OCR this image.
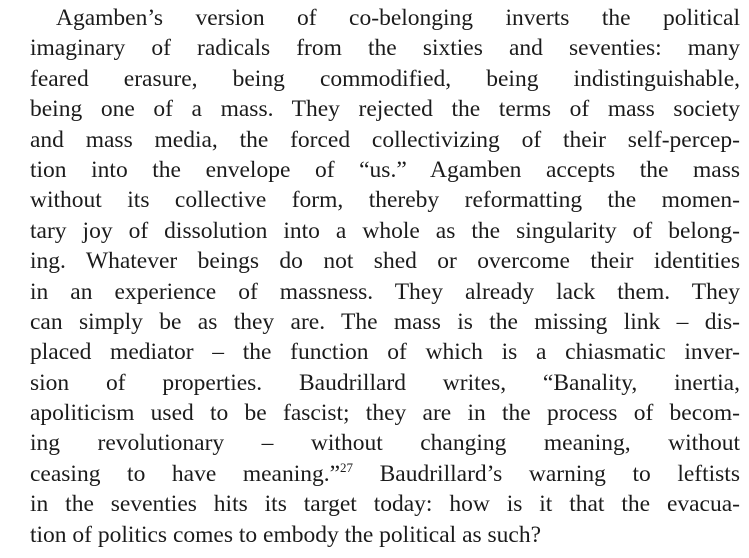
Agamben’s version of co-belonging inverts the political
imaginary of radicals from the sixties and seventies: many
feared erasure, being commodified, being indistinguishable,
being one of a mass. They rejected the terms of mass society
and mass media, the forced collectivizing of their self-percep-
tion into the envelope of “us.” Agamben accepts the mass
without its collective form, thereby reformatting the momen-
tary joy of dissolution into a whole as the singularity of belong-
ing. Whatever beings do not shed or overcome their identities
in an experience of massness. They already lack them. They
can simply be as they are. The mass is the missing link – dis-
placed mediator – the function of which is a chiasmatic inver-
sion of properties. Baudrillard writes, “Banality, inertia,
apoliticism used to be fascist; they are in the process of becom-
ing revolutionary – without changing meaning, without
ceasing to have meaning.”$^{27}$ Baudrillard’s warning to leftists
in the seventies hits its target today: how is it that the evacua-
tion of politics comes to embody the political as such?
